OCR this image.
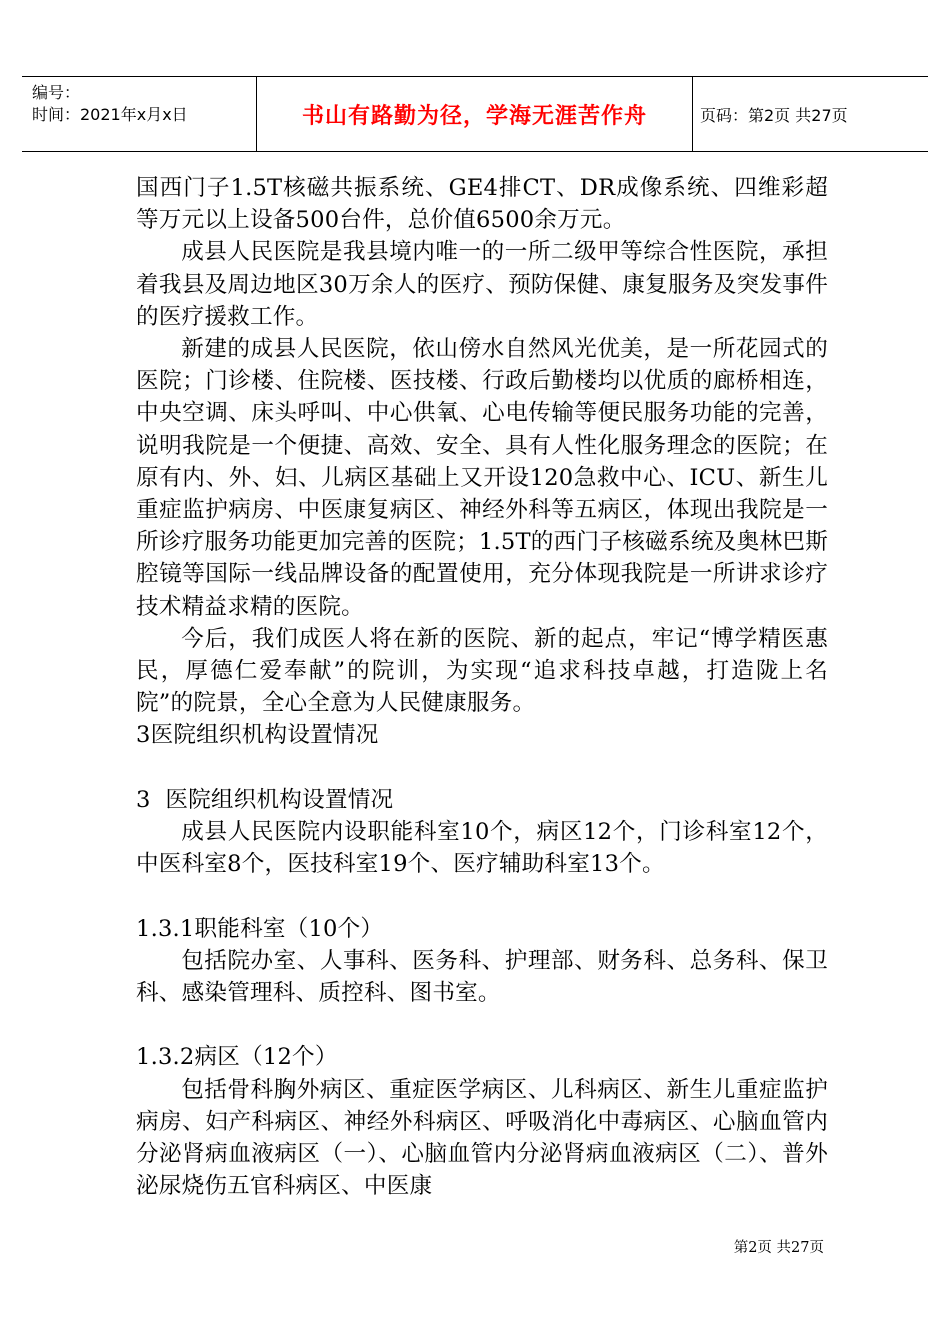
编号：
时间：2021年x月x日	书山有路勤为径，学海无涯苦作舟	页码：第2页 共27页

国西门子1.5T核磁共振系统、GE4排CT、DR成像系统、四维彩超等万元以上设备500台件，总价值6500余万元。

成县人民医院是我县境内唯一的一所二级甲等综合性医院，承担着我县及周边地区30万余人的医疗、预防保健、康复服务及突发事件的医疗援救工作。

新建的成县人民医院，依山傍水自然风光优美，是一所花园式的医院；门诊楼、住院楼、医技楼、行政后勤楼均以优质的廊桥相连，中央空调、床头呼叫、中心供氧、心电传输等便民服务功能的完善，说明我院是一个便捷、高效、安全、具有人性化服务理念的医院；在原有内、外、妇、儿病区基础上又开设120急救中心、ICU、新生儿重症监护病房、中医康复病区、神经外科等五病区，体现出我院是一所诊疗服务功能更加完善的医院；1.5T的西门子核磁系统及奥林巴斯腔镜等国际一线品牌设备的配置使用，充分体现我院是一所讲求诊疗技术精益求精的医院。

今后，我们成医人将在新的医院、新的起点，牢记“博学精医惠民，厚德仁爱奉献”的院训，为实现“追求科技卓越，打造陇上名院”的院景，全心全意为人民健康服务。

3医院组织机构设置情况

3  医院组织机构设置情况

成县人民医院内设职能科室10个，病区12个，门诊科室12个，中医科室8个，医技科室19个、医疗辅助科室13个。

1.3.1职能科室（10个）

包括院办室、人事科、医务科、护理部、财务科、总务科、保卫科、感染管理科、质控科、图书室。

1.3.2病区（12个）

包括骨科胸外病区、重症医学病区、儿科病区、新生儿重症监护病房、妇产科病区、神经外科病区、呼吸消化中毒病区、心脑血管内分泌肾病血液病区（一）、心脑血管内分泌肾病血液病区（二）、普外泌尿烧伤五官科病区、中医康

第2页 共27页
